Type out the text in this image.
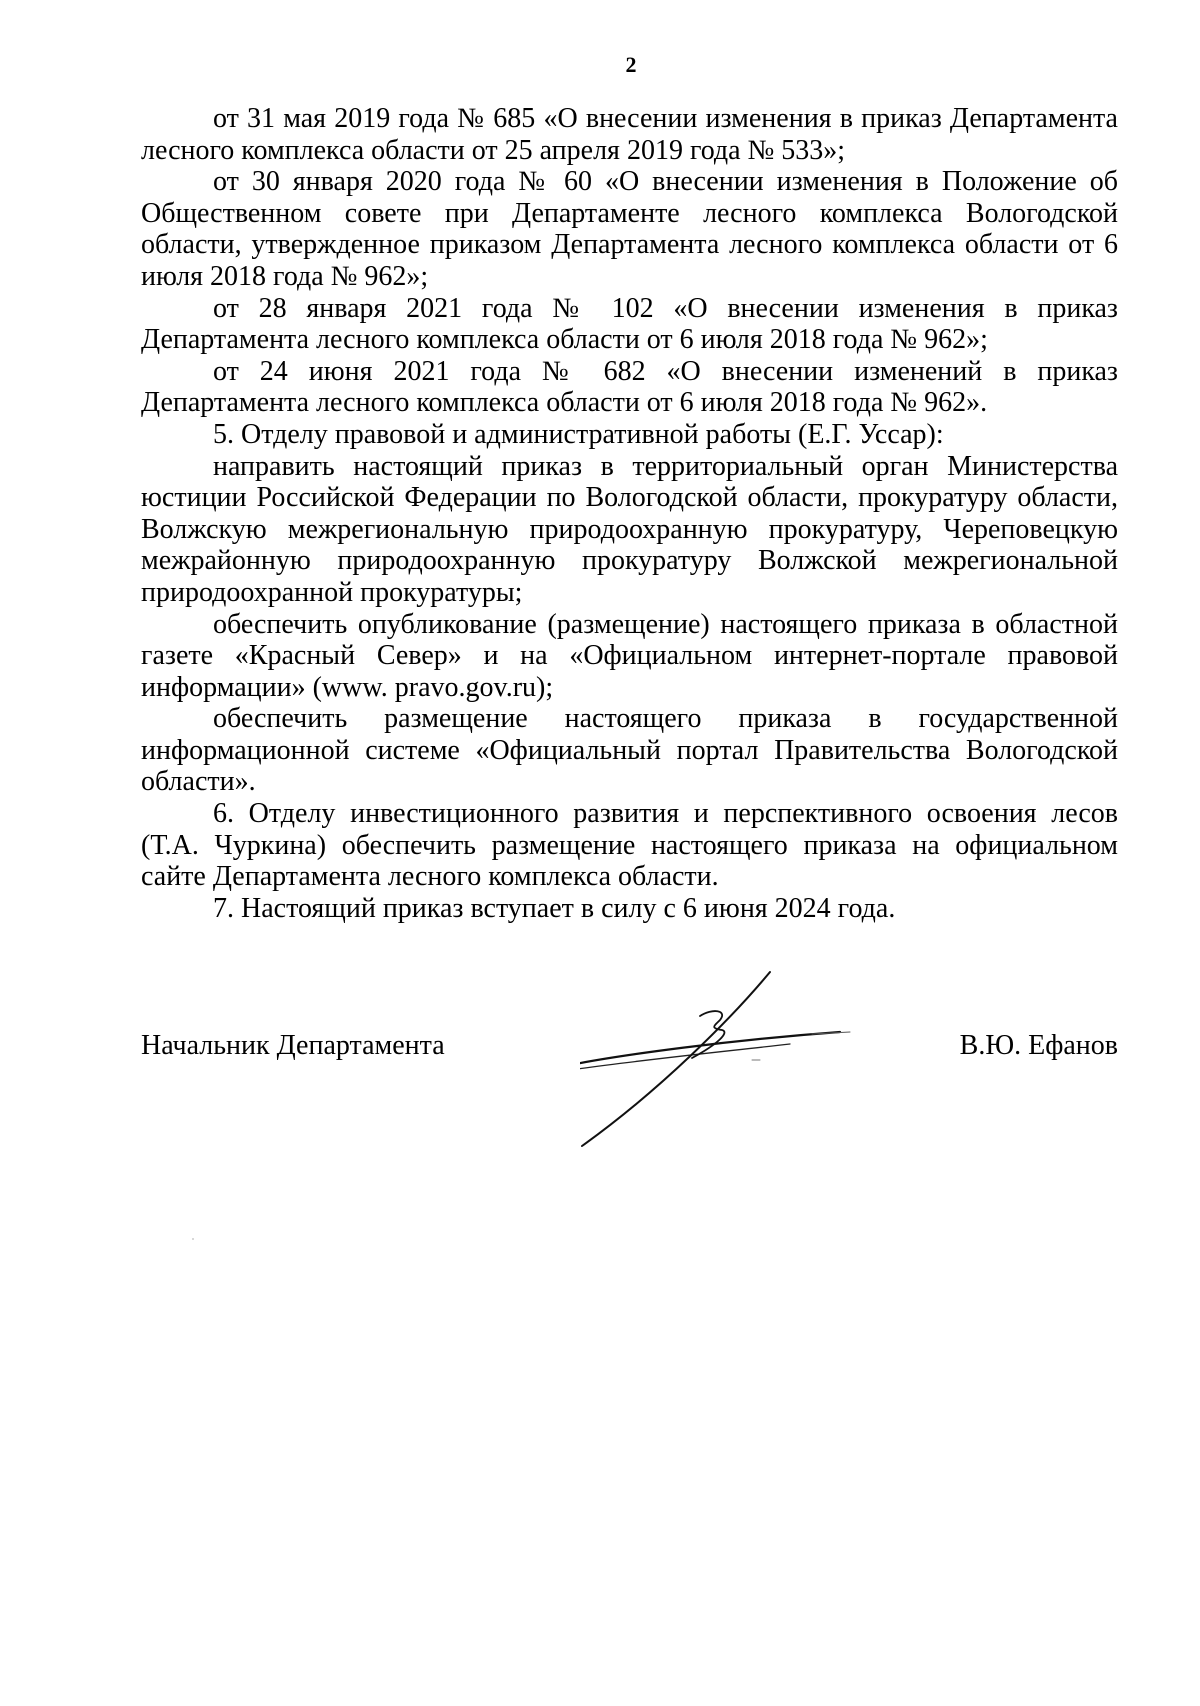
2

от 31 мая 2019 года № 685 «О внесении изменения в приказ Департамента лесного комплекса области от 25 апреля 2019 года № 533»;

от 30 января 2020 года № 60 «О внесении изменения в Положение об Общественном совете при Департаменте лесного комплекса Вологодской области, утвержденное приказом Департамента лесного комплекса области от 6 июля 2018 года № 962»;

от 28 января 2021 года № 102 «О внесении изменения в приказ Департамента лесного комплекса области от 6 июля 2018 года № 962»;

от 24 июня 2021 года № 682 «О внесении изменений в приказ Департамента лесного комплекса области от 6 июля 2018 года № 962».

5. Отделу правовой и административной работы (Е.Г. Уссар):

направить настоящий приказ в территориальный орган Министерства юстиции Российской Федерации по Вологодской области, прокуратуру области, Волжскую межрегиональную природоохранную прокуратуру, Череповецкую межрайонную природоохранную прокуратуру Волжской межрегиональной природоохранной прокуратуры;

обеспечить опубликование (размещение) настоящего приказа в областной газете «Красный Север» и на «Официальном интернет-портале правовой информации» (www. pravo.gov.ru);

обеспечить размещение настоящего приказа в государственной информационной системе «Официальный портал Правительства Вологодской области».

6. Отделу инвестиционного развития и перспективного освоения лесов (Т.А. Чуркина) обеспечить размещение настоящего приказа на официальном сайте Департамента лесного комплекса области.

7. Настоящий приказ вступает в силу с 6 июня 2024 года.

Начальник Департамента	В.Ю. Ефанов
